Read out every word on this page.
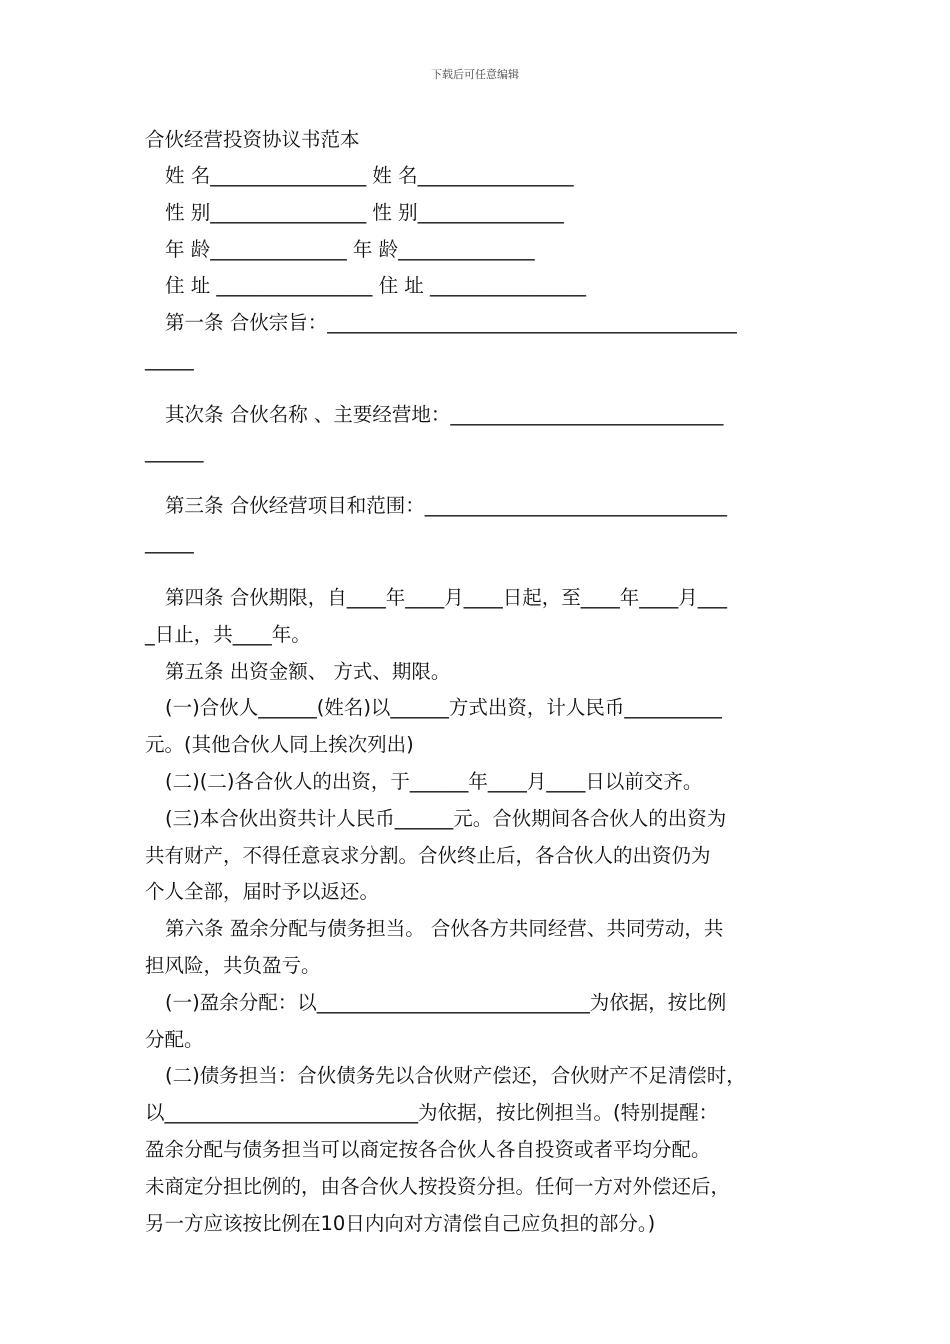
下载后可任意编辑

合伙经营投资协议书范本

姓 名________________ 姓 名________________

性 别________________ 性 别_______________

年 龄______________ 年 龄______________

住 址 ________________ 住 址 ________________

第一条 合伙宗旨：__________________________________________

_____

其次条 合伙名称 、主要经营地：____________________________

______

第三条 合伙经营项目和范围：_______________________________

_____

第四条 合伙期限，自____年____月____日起，至____年____月___

_日止，共____年。

第五条 出资金额、 方式、期限。

(一)合伙人______(姓名)以______方式出资，计人民币__________

元。(其他合伙人同上挨次列出)

(二)(二)各合伙人的出资，于______年____月____日以前交齐。

(三)本合伙出资共计人民币______元。合伙期间各合伙人的出资为

共有财产，不得任意哀求分割。合伙终止后，各合伙人的出资仍为

个人全部，届时予以返还。

第六条 盈余分配与债务担当。 合伙各方共同经营、共同劳动，共

担风险，共负盈亏。

(一)盈余分配：以____________________________为依据，按比例

分配。

(二)债务担当：合伙债务先以合伙财产偿还，合伙财产不足清偿时，

以__________________________为依据，按比例担当。(特别提醒：

盈余分配与债务担当可以商定按各合伙人各自投资或者平均分配。

未商定分担比例的，由各合伙人按投资分担。任何一方对外偿还后，

另一方应该按比例在10日内向对方清偿自己应负担的部分。)
